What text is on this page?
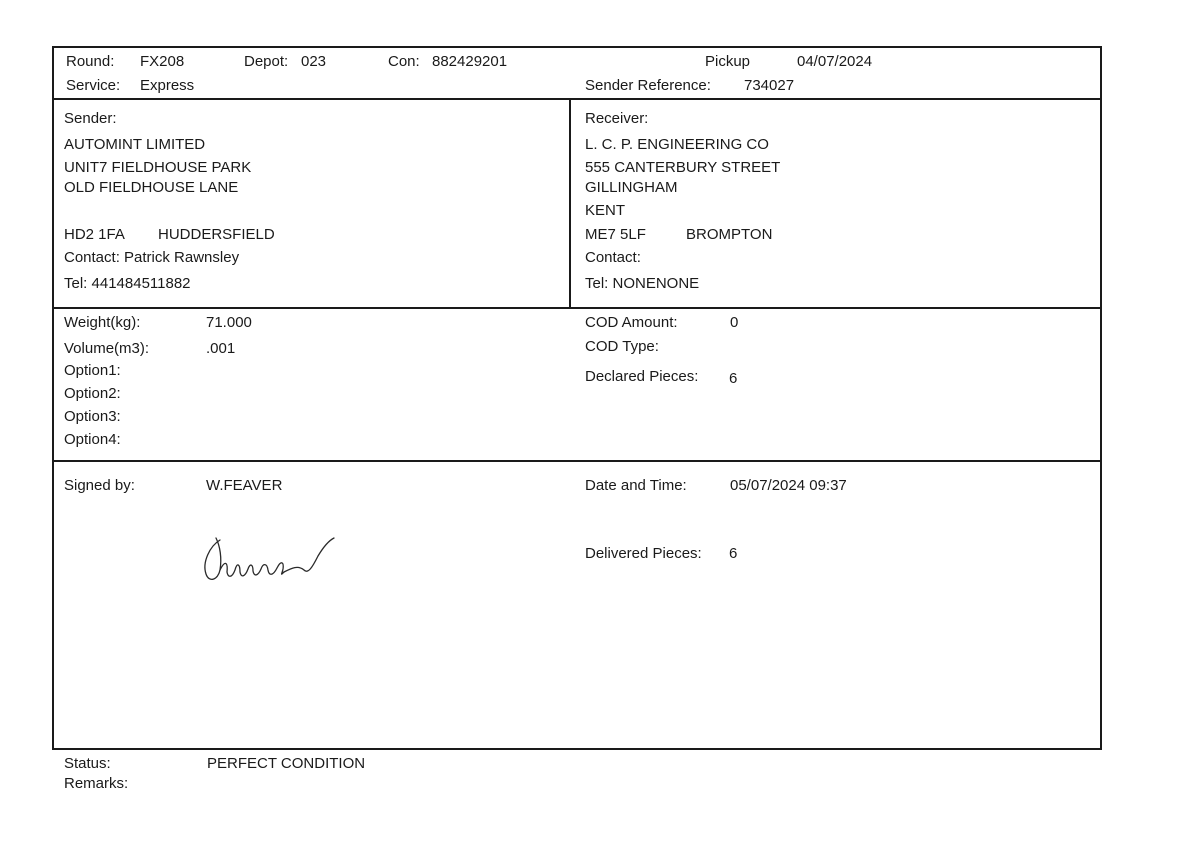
Round: FX208	Depot: 023	Con: 882429201	Pickup	04/07/2024
Service: Express	Sender Reference: 734027
Sender:
AUTOMINT LIMITED
UNIT7 FIELDHOUSE PARK
OLD FIELDHOUSE LANE
HD2 1FA HUDDERSFIELD
Contact: Patrick Rawnsley
Tel: 441484511882
Receiver:
L. C. P. ENGINEERING CO
555 CANTERBURY STREET
GILLINGHAM
KENT
ME7 5LF	BROMPTON
Contact:
Tel: NONENONE
Weight(kg):	71.000
Volume(m3):	.001
Option1:
Option2:
Option3:
Option4:
COD Amount:	0
COD Type:
Declared Pieces: 6
Signed by:	W.FEAVER	Date and Time:	05/07/2024 09:37
Delivered Pieces: 6
Status:	PERFECT CONDITION
Remarks:
